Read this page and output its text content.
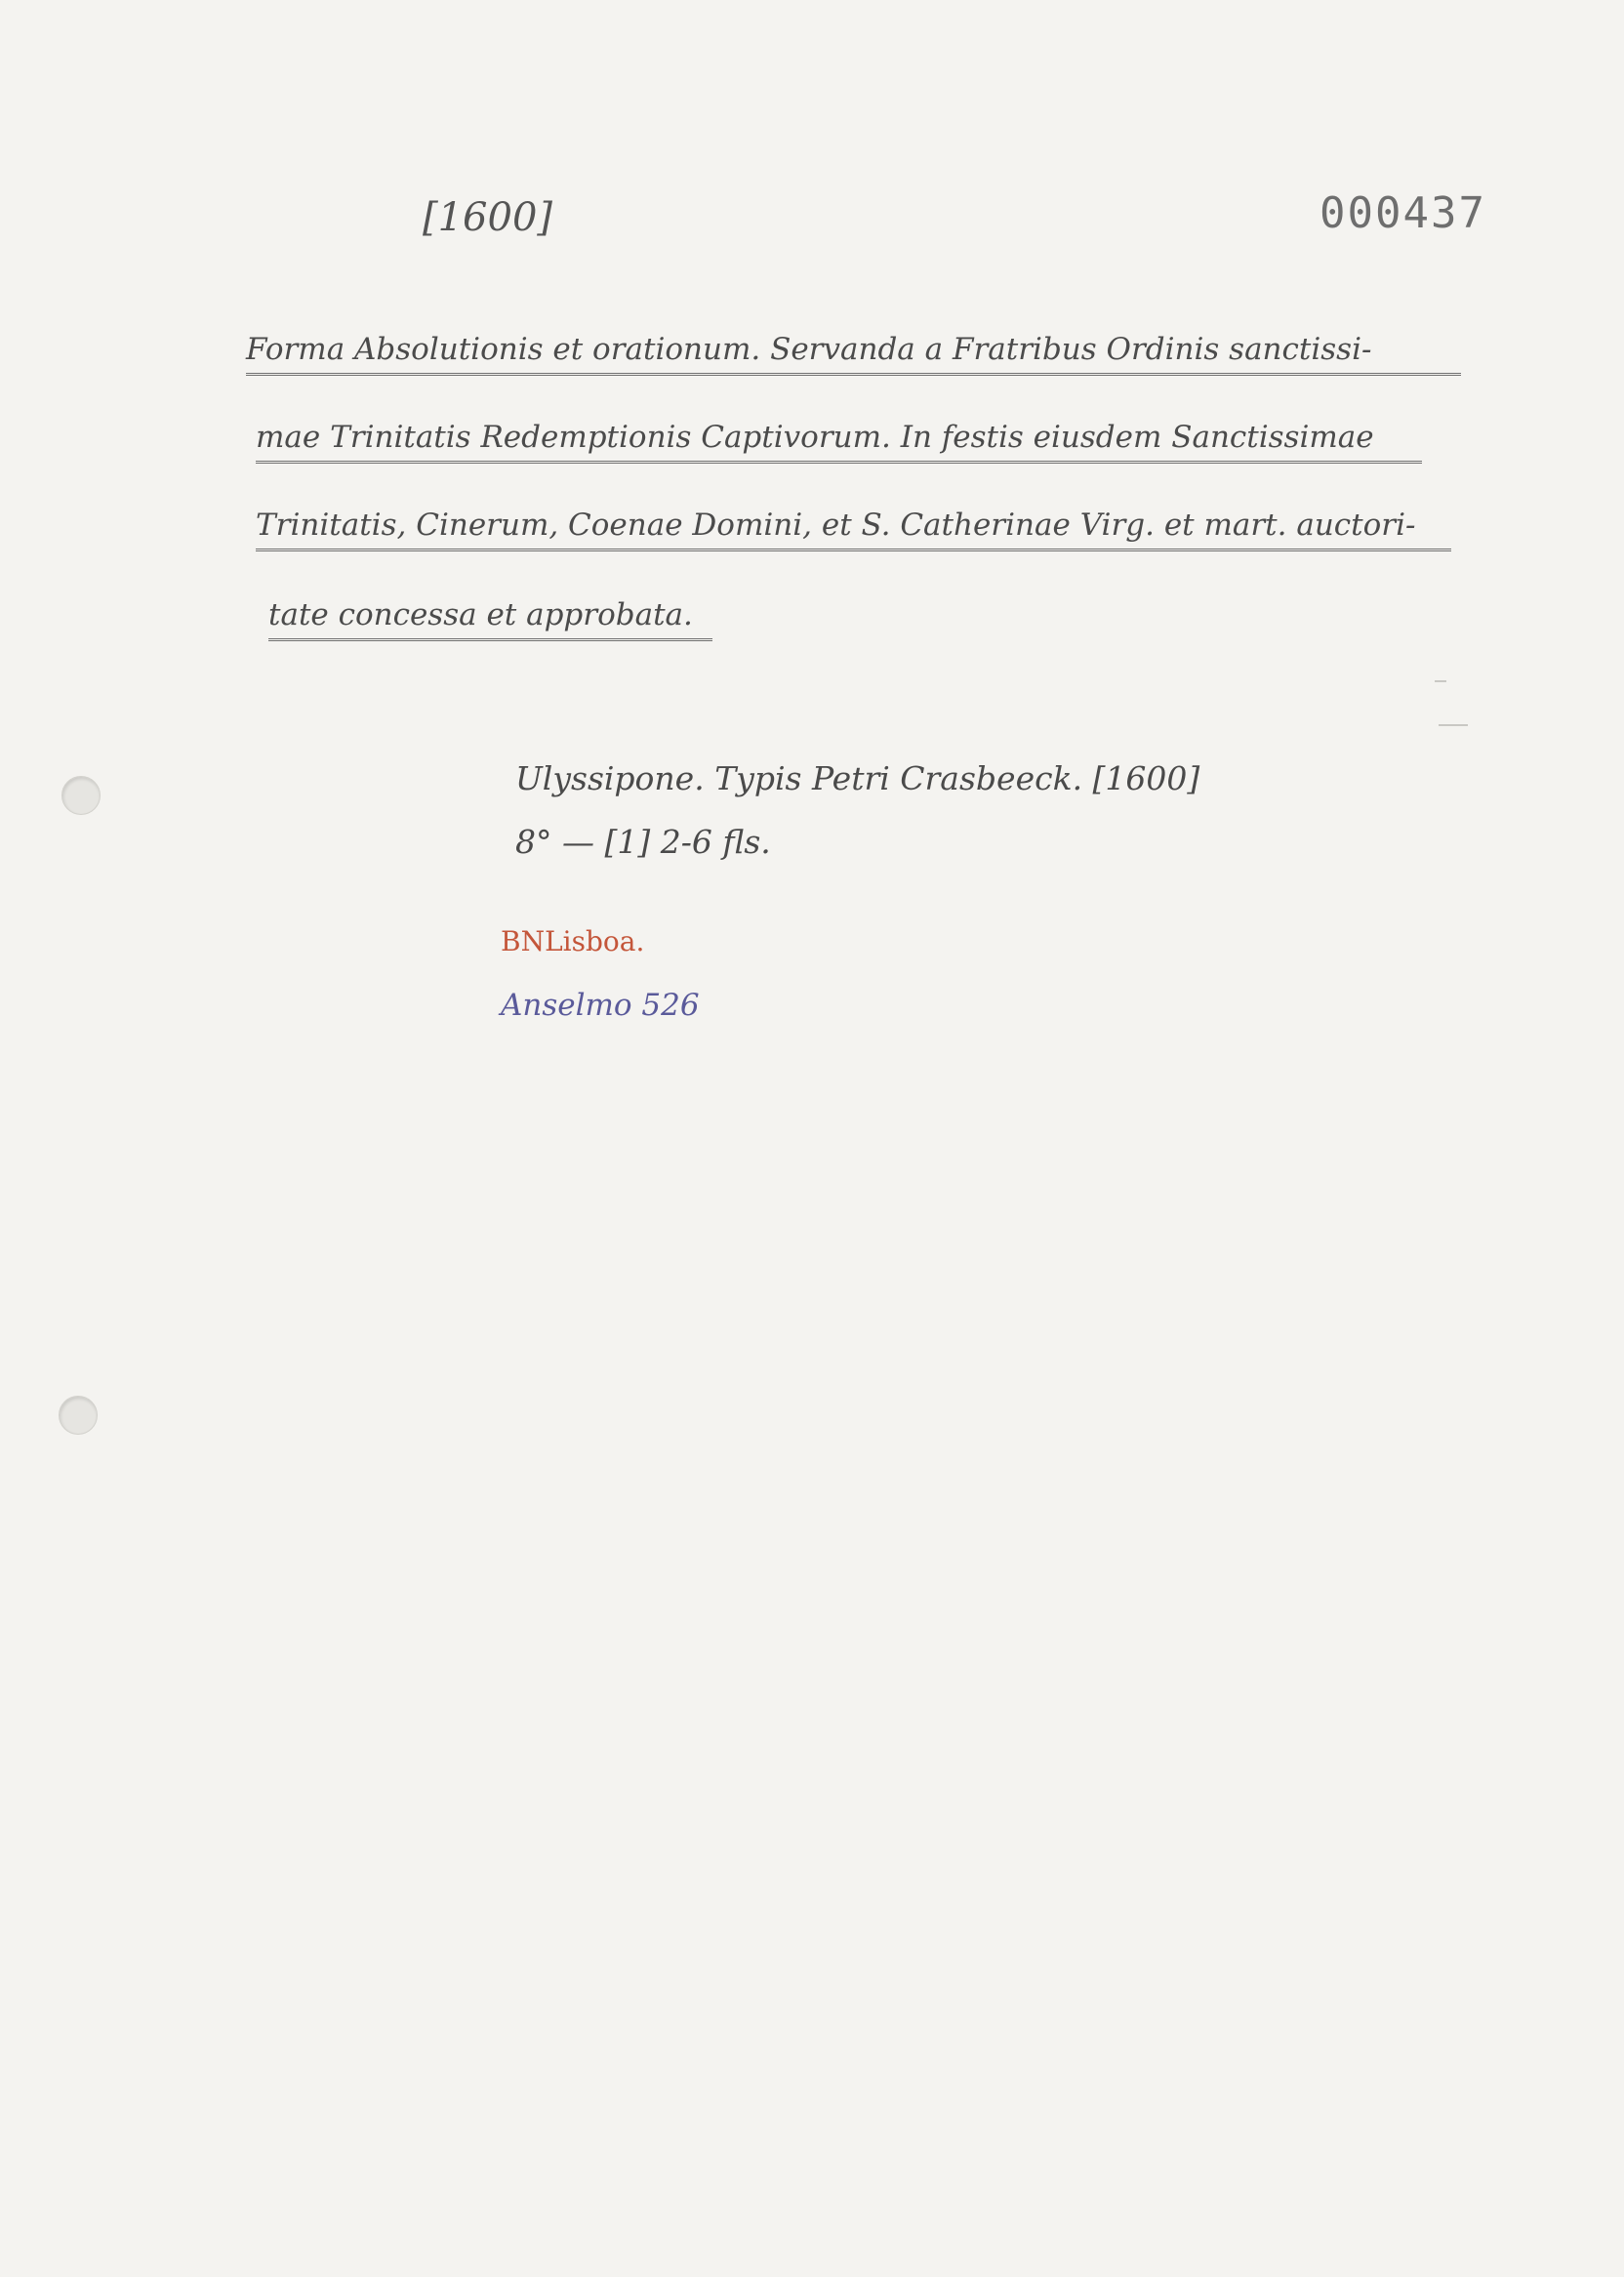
[1600]	000437
Forma Absolutionis et orationum. Servanda a Fratribus Ordinis sanctissi-
mae Trinitatis Redemptionis Captivorum. In festis eiusdem Sanctissimae
Trinitatis, Cinerum, Coenae Domini, et S. Catherinae Virg. et mart. auctori-
tate concessa et approbata.
Ulyssipone. Typis Petri Crasbeeck. [1600]
8° — [1] 2-6 fls.
BNLisboa.
Anselmo 526
